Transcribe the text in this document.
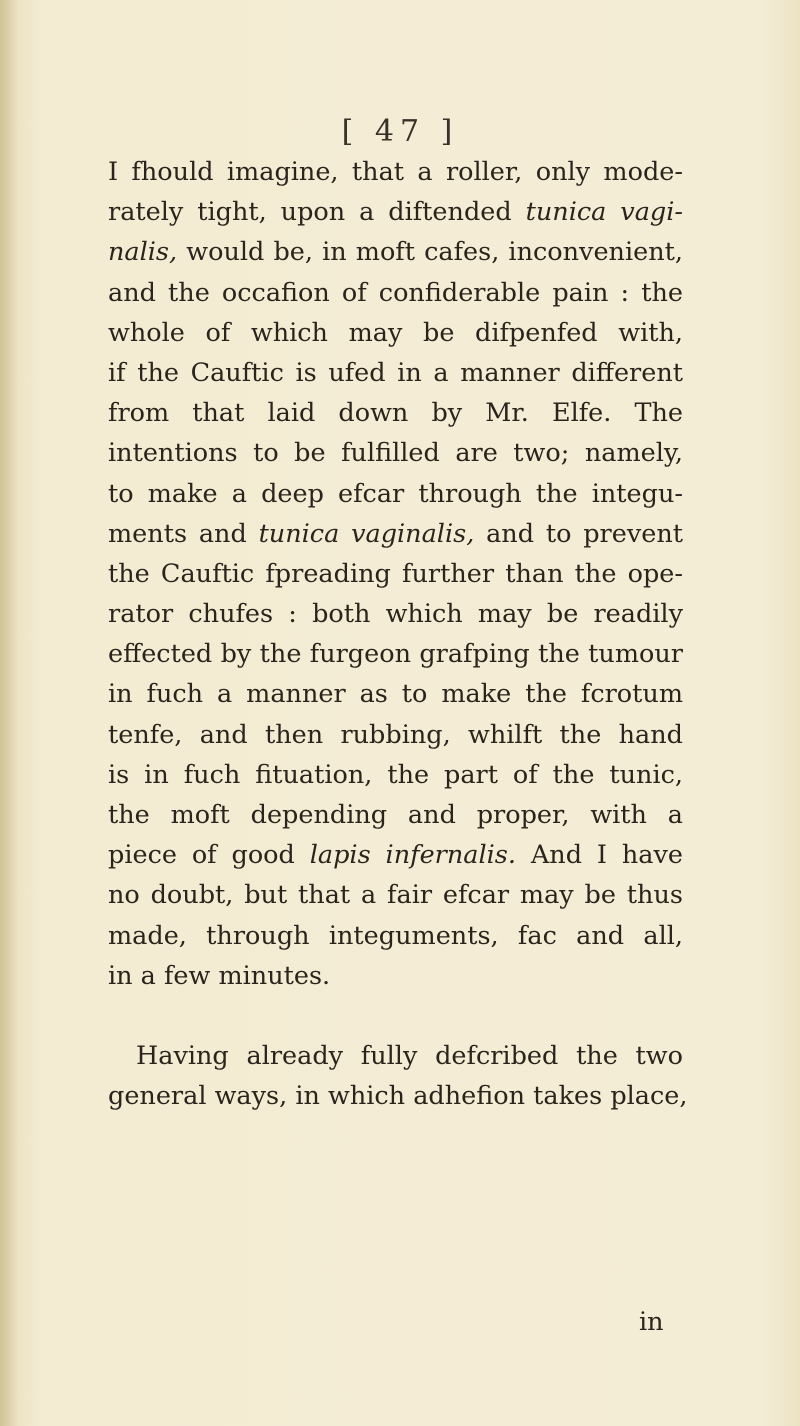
[ 47 ]
I fhould imagine, that a roller, only mode-
rately tight, upon a diftended tunica vagi-
nalis, would be, in moft cafes, inconvenient,
and the occafion of confiderable pain : the
whole of which may be difpenfed with,
if the Cauftic is ufed in a manner different
from that laid down by Mr. Elfe. The
intentions to be fulfilled are two; namely,
to make a deep efcar through the integu-
ments and tunica vaginalis, and to prevent
the Cauftic fpreading further than the ope-
rator chufes : both which may be readily
effected by the furgeon grafping the tumour
in fuch a manner as to make the fcrotum
tenfe, and then rubbing, whilft the hand
is in fuch fituation, the part of the tunic,
the moft depending and proper, with a
piece of good lapis infernalis. And I have
no doubt, but that a fair efcar may be thus
made, through integuments, fac and all,
in a few minutes.
Having already fully defcribed the two
general ways, in which adhefion takes place,
in
